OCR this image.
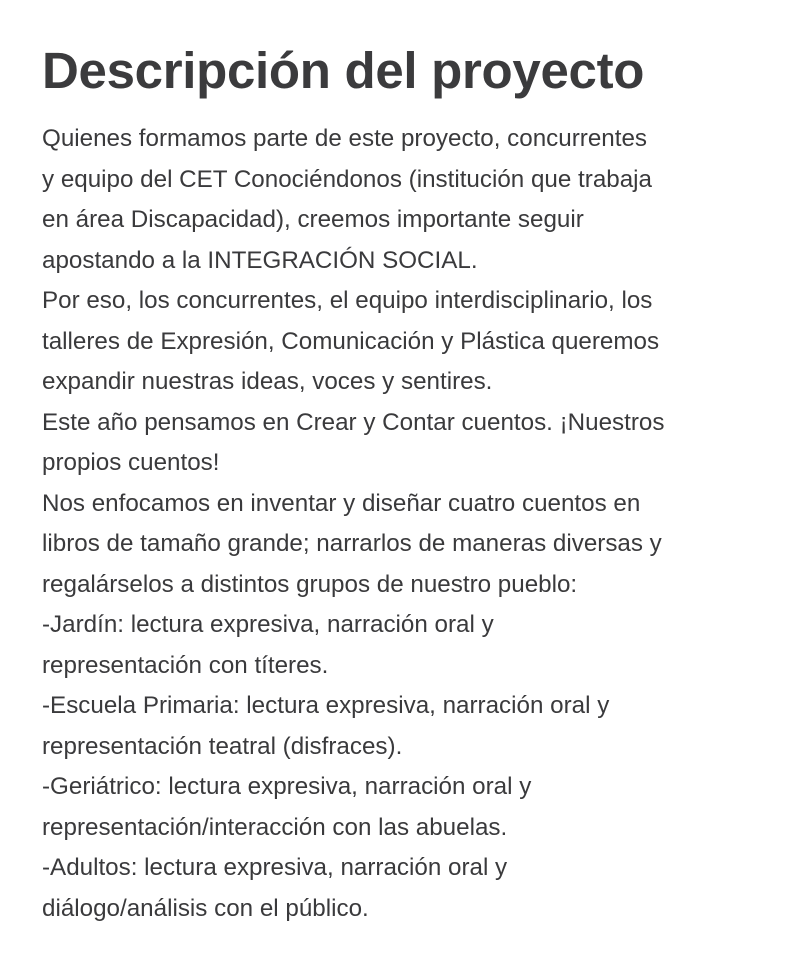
Descripción del proyecto
Quienes formamos parte de este proyecto, concurrentes
y equipo del CET Conociéndonos (institución que trabaja
en área Discapacidad), creemos importante seguir
apostando a la INTEGRACIÓN SOCIAL.
Por eso, los concurrentes, el equipo interdisciplinario, los
talleres de Expresión, Comunicación y Plástica queremos
expandir nuestras ideas, voces y sentires.
Este año pensamos en Crear y Contar cuentos. ¡Nuestros
propios cuentos!
Nos enfocamos en inventar y diseñar cuatro cuentos en
libros de tamaño grande; narrarlos de maneras diversas y
regalárselos a distintos grupos de nuestro pueblo:
-Jardín: lectura expresiva, narración oral y
representación con títeres.
-Escuela Primaria: lectura expresiva, narración oral y
representación teatral (disfraces).
-Geriátrico: lectura expresiva, narración oral y
representación/interacción con las abuelas.
-Adultos: lectura expresiva, narración oral y
diálogo/análisis con el público.
